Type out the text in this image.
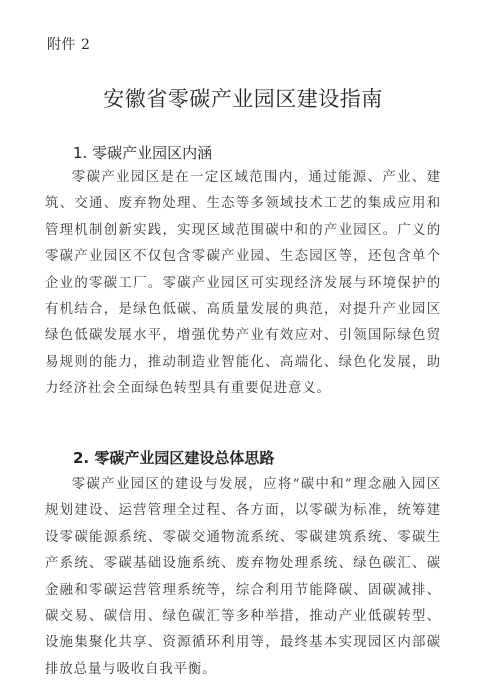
附件 2
安徽省零碳产业园区建设指南
1. 零碳产业园区内涵

零碳产业园区是在一定区域范围内，通过能源、产业、建筑、交通、废弃物处理、生态等多领域技术工艺的集成应用和管理机制创新实践，实现区域范围碳中和的产业园区。广义的零碳产业园区不仅包含零碳产业园、生态园区等，还包含单个企业的零碳工厂。零碳产业园区可实现经济发展与环境保护的有机结合，是绿色低碳、高质量发展的典范，对提升产业园区绿色低碳发展水平，增强优势产业有效应对、引领国际绿色贸易规则的能力，推动制造业智能化、高端化、绿色化发展，助力经济社会全面绿色转型具有重要促进意义。

2. 零碳产业园区建设总体思路

零碳产业园区的建设与发展，应将“碳中和”理念融入园区规划建设、运营管理全过程、各方面，以零碳为标准，统筹建设零碳能源系统、零碳交通物流系统、零碳建筑系统、零碳生产系统、零碳基础设施系统、废弃物处理系统、绿色碳汇、碳金融和零碳运营管理系统等，综合利用节能降碳、固碳减排、碳交易、碳信用、绿色碳汇等多种举措，推动产业低碳转型、设施集聚化共享、资源循环利用等，最终基本实现园区内部碳排放总量与吸收自我平衡。
